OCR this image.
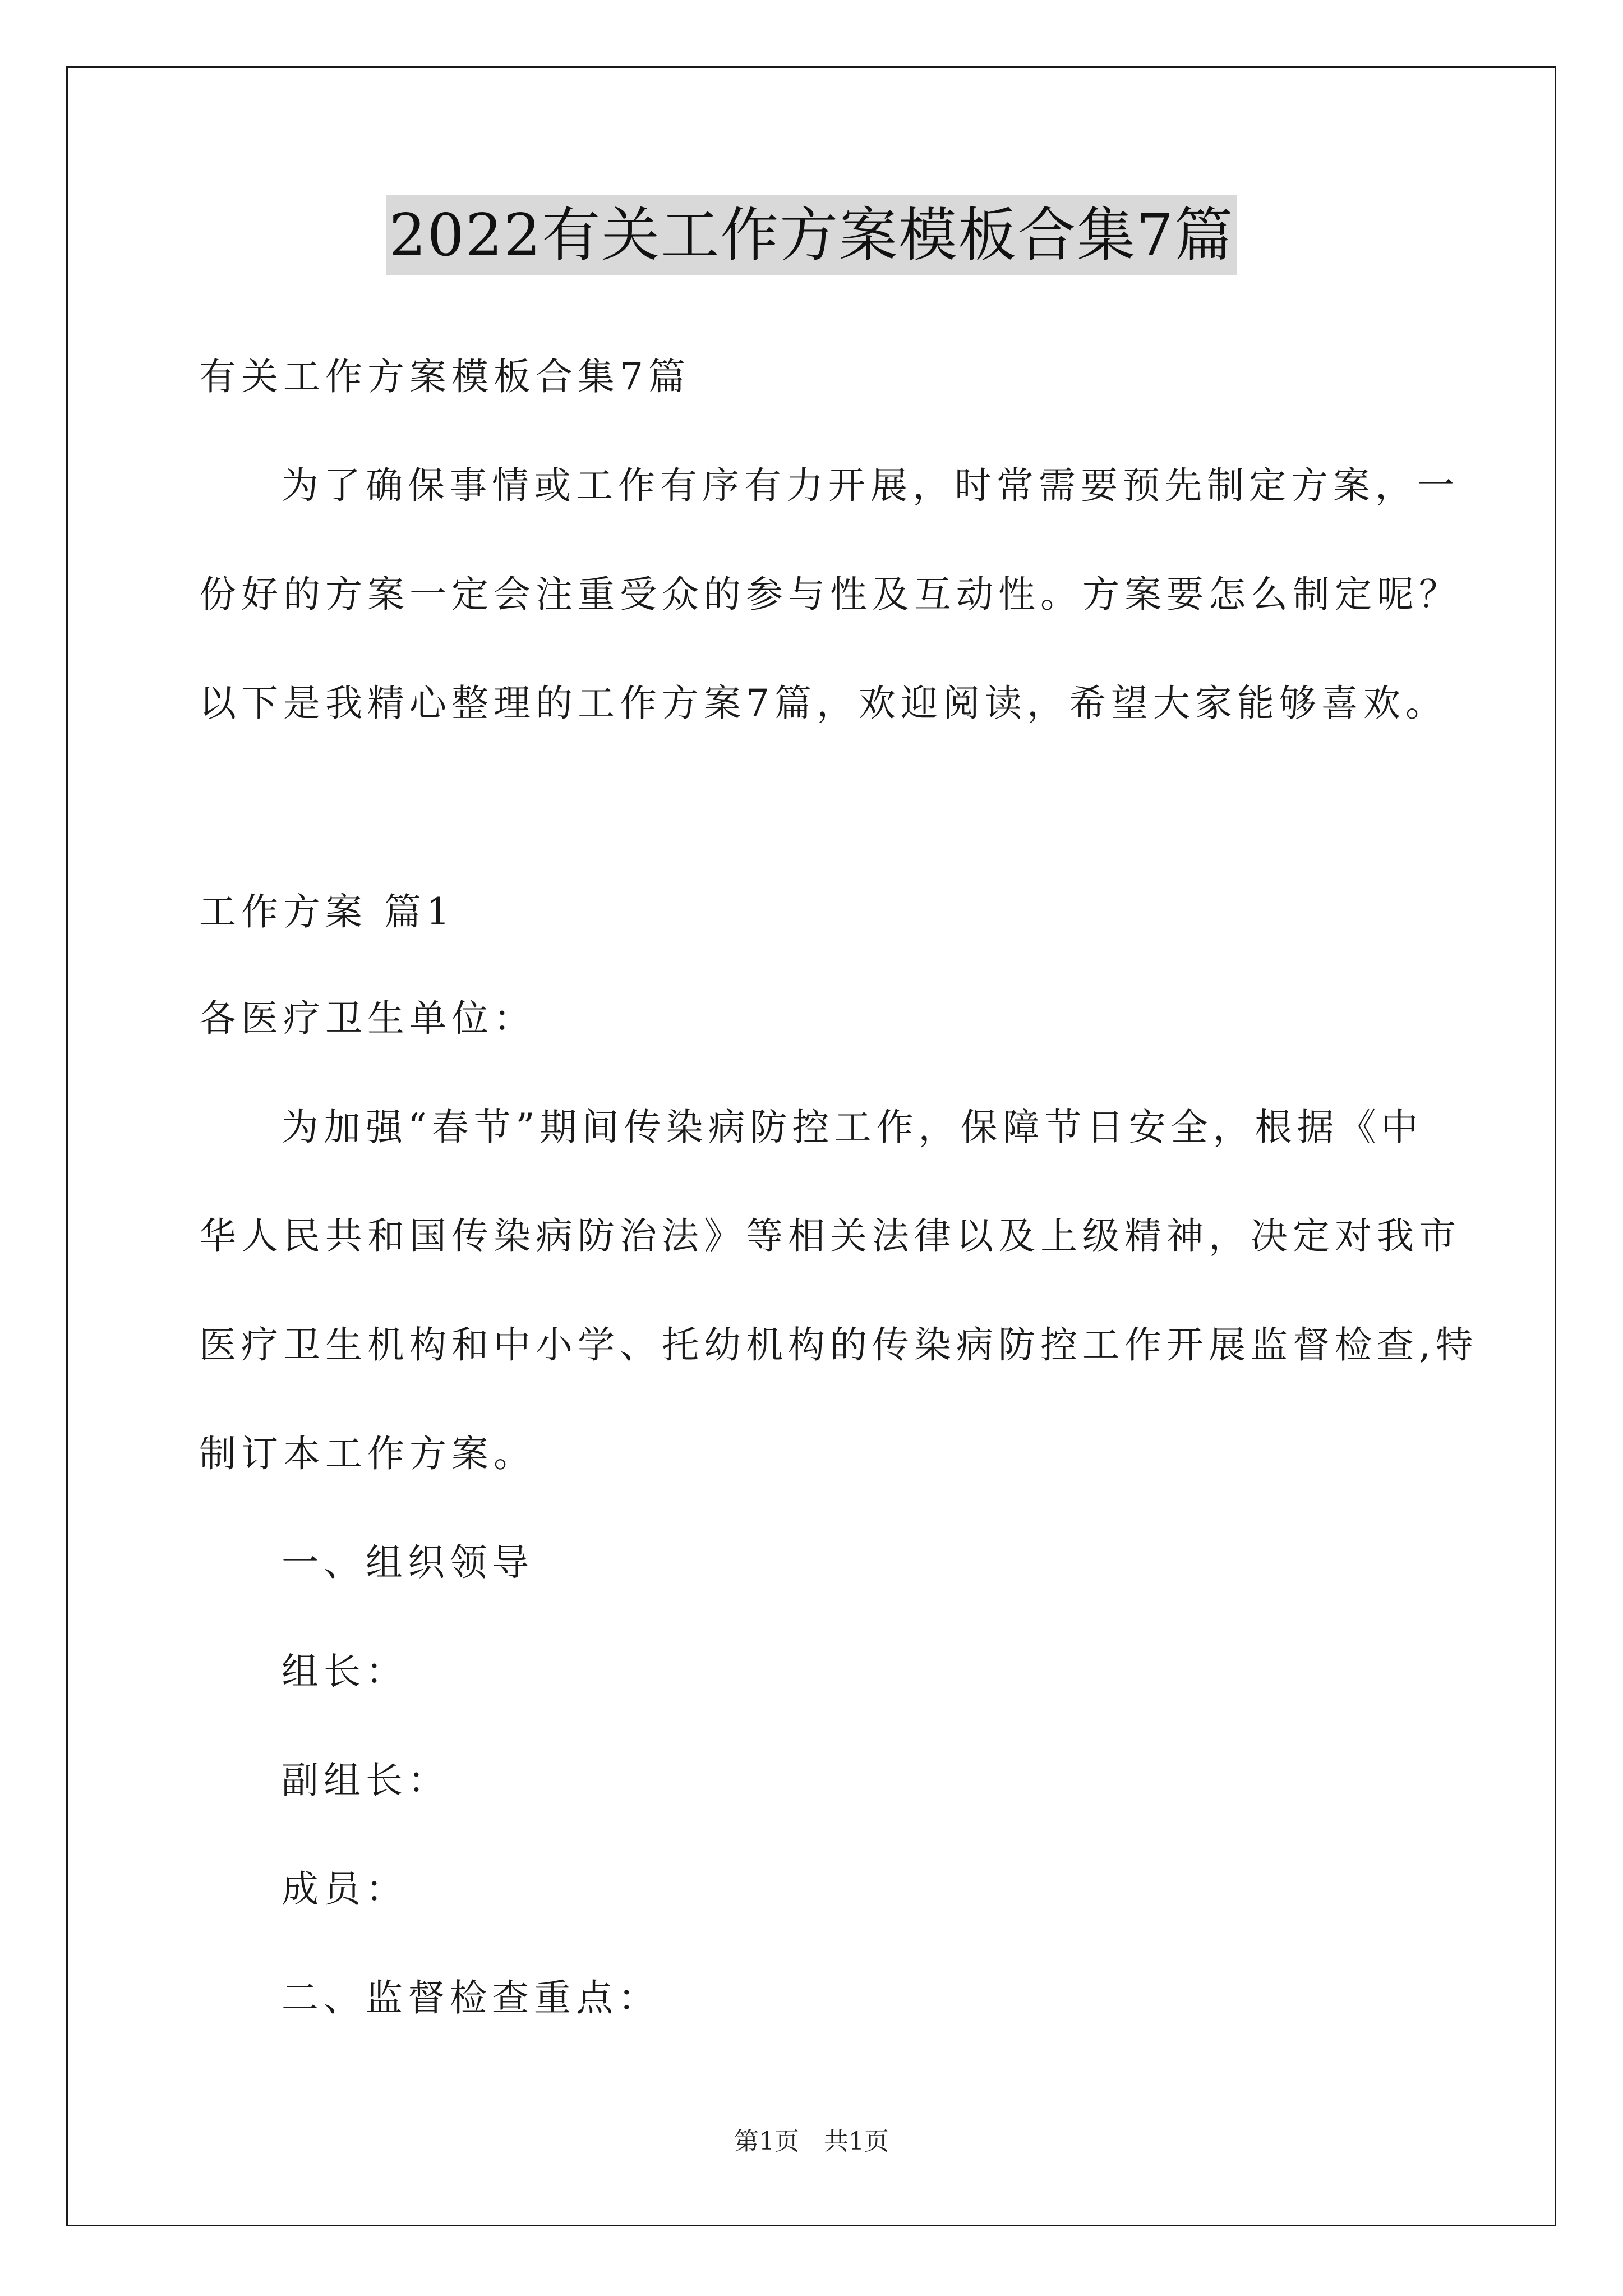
2022有关工作方案模板合集7篇
有关工作方案模板合集7篇
为了确保事情或工作有序有力开展，时常需要预先制定方案，一
份好的方案一定会注重受众的参与性及互动性。方案要怎么制定呢？
以下是我精心整理的工作方案7篇，欢迎阅读，希望大家能够喜欢。
工作方案 篇1
各医疗卫生单位：
为加强“春节”期间传染病防控工作，保障节日安全，根据《中
华人民共和国传染病防治法》等相关法律以及上级精神，决定对我市
医疗卫生机构和中小学、托幼机构的传染病防控工作开展监督检查,特
制订本工作方案。
一、组织领导
组长：
副组长：
成员：
二、监督检查重点：
第1页　共1页
